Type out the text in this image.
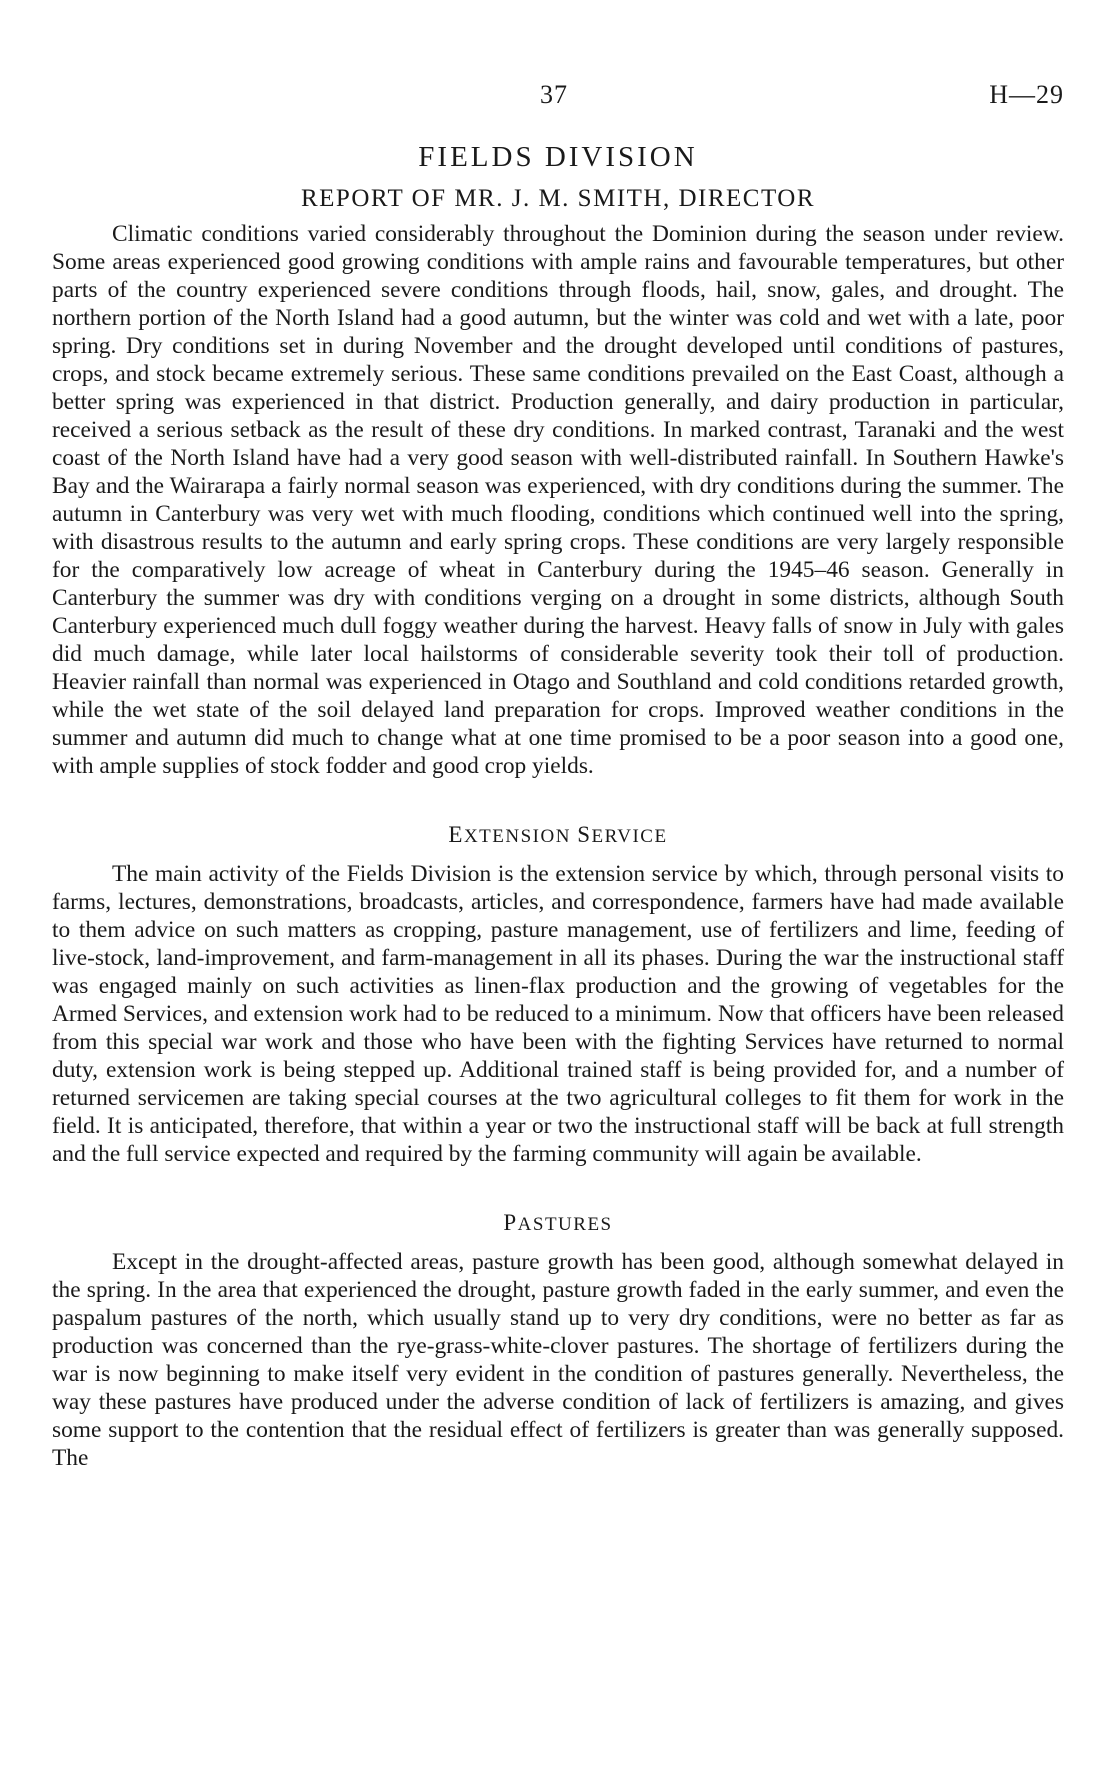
37	H—29
FIELDS DIVISION
REPORT OF MR. J. M. SMITH, DIRECTOR

Climatic conditions varied considerably throughout the Dominion during the season under review. Some areas experienced good growing conditions with ample rains and favourable temperatures, but other parts of the country experienced severe conditions through floods, hail, snow, gales, and drought. The northern portion of the North Island had a good autumn, but the winter was cold and wet with a late, poor spring. Dry conditions set in during November and the drought developed until conditions of pastures, crops, and stock became extremely serious. These same conditions prevailed on the East Coast, although a better spring was experienced in that district. Production generally, and dairy production in particular, received a serious setback as the result of these dry conditions. In marked contrast, Taranaki and the west coast of the North Island have had a very good season with well-distributed rainfall. In Southern Hawke's Bay and the Wairarapa a fairly normal season was experienced, with dry conditions during the summer. The autumn in Canterbury was very wet with much flooding, conditions which continued well into the spring, with disastrous results to the autumn and early spring crops. These conditions are very largely responsible for the comparatively low acreage of wheat in Canterbury during the 1945–46 season. Generally in Canterbury the summer was dry with conditions verging on a drought in some districts, although South Canterbury experienced much dull foggy weather during the harvest. Heavy falls of snow in July with gales did much damage, while later local hailstorms of considerable severity took their toll of production. Heavier rainfall than normal was experienced in Otago and Southland and cold conditions retarded growth, while the wet state of the soil delayed land preparation for crops. Improved weather conditions in the summer and autumn did much to change what at one time promised to be a poor season into a good one, with ample supplies of stock fodder and good crop yields.

EXTENSION SERVICE

The main activity of the Fields Division is the extension service by which, through personal visits to farms, lectures, demonstrations, broadcasts, articles, and correspondence, farmers have had made available to them advice on such matters as cropping, pasture management, use of fertilizers and lime, feeding of live-stock, land-improvement, and farm-management in all its phases. During the war the instructional staff was engaged mainly on such activities as linen-flax production and the growing of vegetables for the Armed Services, and extension work had to be reduced to a minimum. Now that officers have been released from this special war work and those who have been with the fighting Services have returned to normal duty, extension work is being stepped up. Additional trained staff is being provided for, and a number of returned servicemen are taking special courses at the two agricultural colleges to fit them for work in the field. It is anticipated, therefore, that within a year or two the instructional staff will be back at full strength and the full service expected and required by the farming community will again be available.

PASTURES

Except in the drought-affected areas, pasture growth has been good, although somewhat delayed in the spring. In the area that experienced the drought, pasture growth faded in the early summer, and even the paspalum pastures of the north, which usually stand up to very dry conditions, were no better as far as production was concerned than the rye-grass-white-clover pastures. The shortage of fertilizers during the war is now beginning to make itself very evident in the condition of pastures generally. Nevertheless, the way these pastures have produced under the adverse condition of lack of fertilizers is amazing, and gives some support to the contention that the residual effect of fertilizers is greater than was generally supposed. The
